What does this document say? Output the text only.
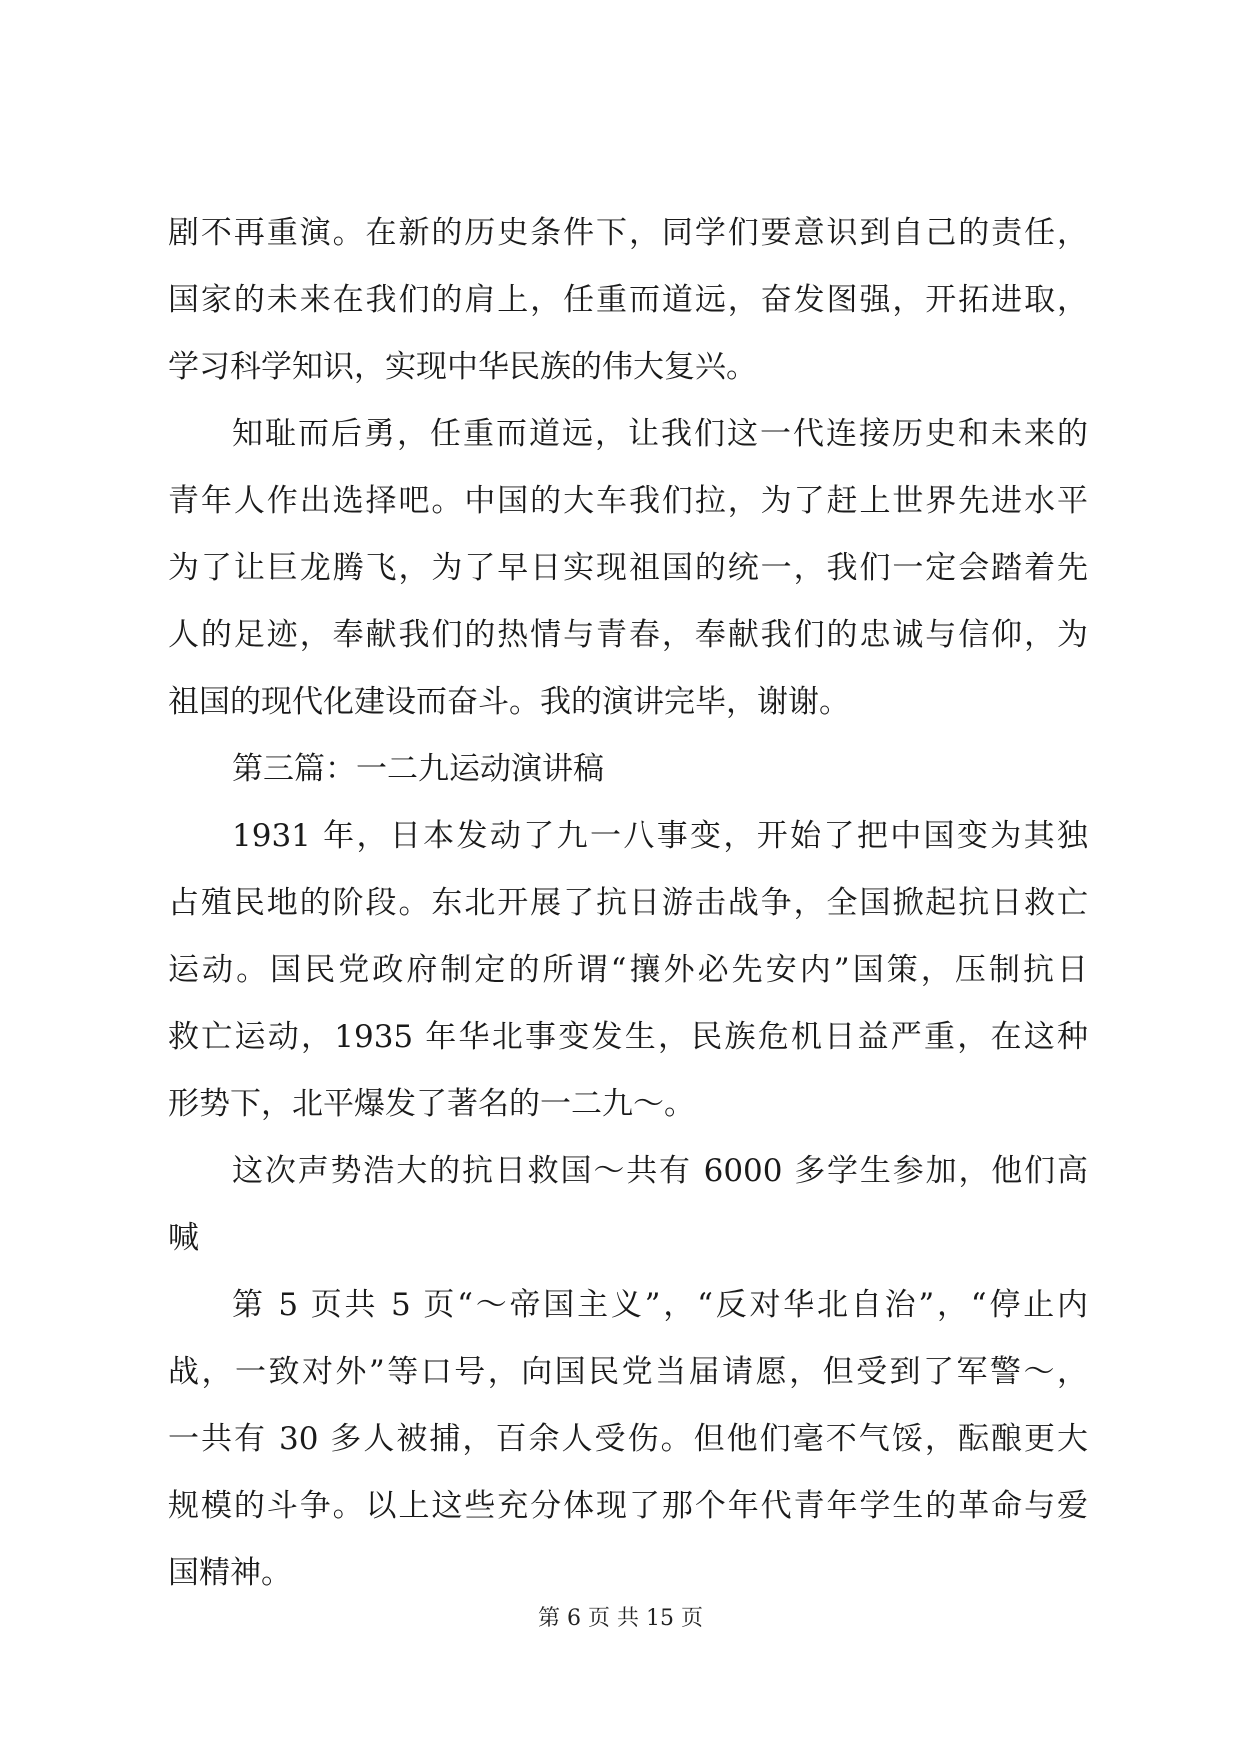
剧不再重演。在新的历史条件下，同学们要意识到自己的责任，
国家的未来在我们的肩上，任重而道远，奋发图强，开拓进取，
学习科学知识，实现中华民族的伟大复兴。
知耻而后勇，任重而道远，让我们这一代连接历史和未来的
青年人作出选择吧。中国的大车我们拉，为了赶上世界先进水平
为了让巨龙腾飞，为了早日实现祖国的统一，我们一定会踏着先
人的足迹，奉献我们的热情与青春，奉献我们的忠诚与信仰，为
祖国的现代化建设而奋斗。我的演讲完毕，谢谢。
第三篇：一二九运动演讲稿
1931 年，日本发动了九一八事变，开始了把中国变为其独
占殖民地的阶段。东北开展了抗日游击战争，全国掀起抗日救亡
运动。国民党政府制定的所谓“攘外必先安内”国策，压制抗日
救亡运动，1935 年华北事变发生，民族危机日益严重，在这种
形势下，北平爆发了著名的一二九～。
这次声势浩大的抗日救国～共有 6000 多学生参加，他们高
喊
第 5 页共 5 页“～帝国主义”，“反对华北自治”，“停止内
战，一致对外”等口号，向国民党当届请愿，但受到了军警～，
一共有 30 多人被捕，百余人受伤。但他们毫不气馁，酝酿更大
规模的斗争。以上这些充分体现了那个年代青年学生的革命与爱
国精神。
第 6 页 共 15 页
